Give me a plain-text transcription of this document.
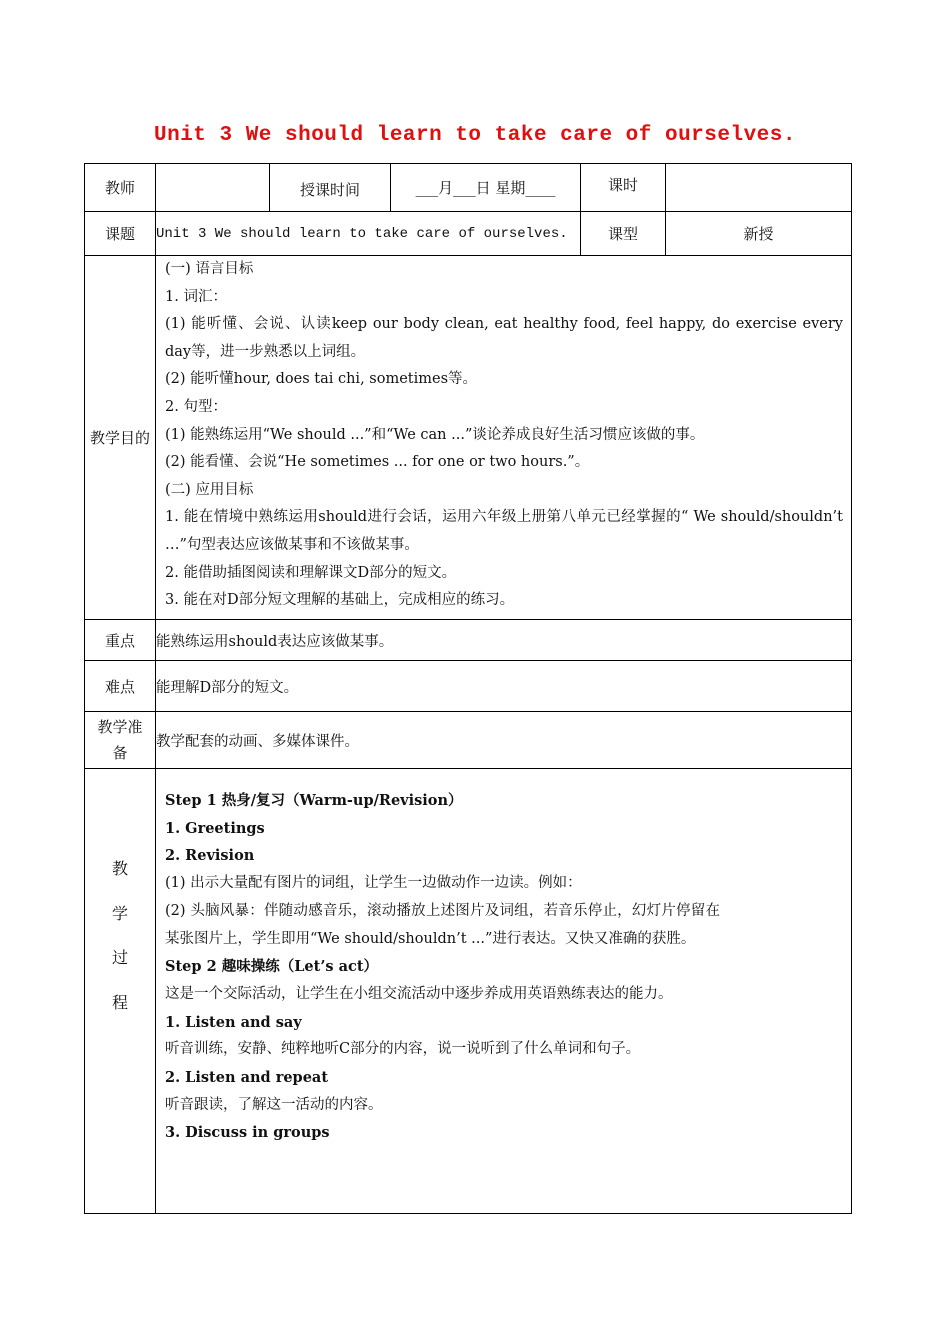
Unit 3 We should learn to take care of ourselves.
教师		授课时间	___月___日 星期____	课时	
课题	Unit 3 We should learn to take care of ourselves.	课型	新授
教学目的	

(一) 语言目标

1. 词汇：

(1) 能听懂、会说、认读keep our body clean, eat healthy food, feel happy, do exercise every day等，进一步熟悉以上词组。

(2) 能听懂hour, does tai chi, sometimes等。

2. 句型：

(1) 能熟练运用“We should ...”和“We can ...”谈论养成良好生活习惯应该做的事。

(2) 能看懂、会说“He sometimes ... for one or two hours.”。

(二) 应用目标

1. 能在情境中熟练运用should进行会话，运用六年级上册第八单元已经掌握的“ We should/shouldn’t …”句型表达应该做某事和不该做某事。

2. 能借助插图阅读和理解课文D部分的短文。

3. 能在对D部分短文理解的基础上，完成相应的练习。

重点	能熟练运用should表达应该做某事。
难点	能理解D部分的短文。
教学准备	教学配套的动画、多媒体课件。

教
学
过
程

Step 1 热身/复习（Warm-up/Revision）

1. Greetings

2. Revision

(1) 出示大量配有图片的词组，让学生一边做动作一边读。例如：

(2) 头脑风暴：伴随动感音乐，滚动播放上述图片及词组，若音乐停止，幻灯片停留在某张图片上，学生即用“We should/shouldn’t ...”进行表达。又快又准确的获胜。

Step 2 趣味操练（Let’s act）

这是一个交际活动，让学生在小组交流活动中逐步养成用英语熟练表达的能力。

1. Listen and say

听音训练，安静、纯粹地听C部分的内容，说一说听到了什么单词和句子。

2. Listen and repeat

听音跟读，了解这一活动的内容。

3. Discuss in groups
